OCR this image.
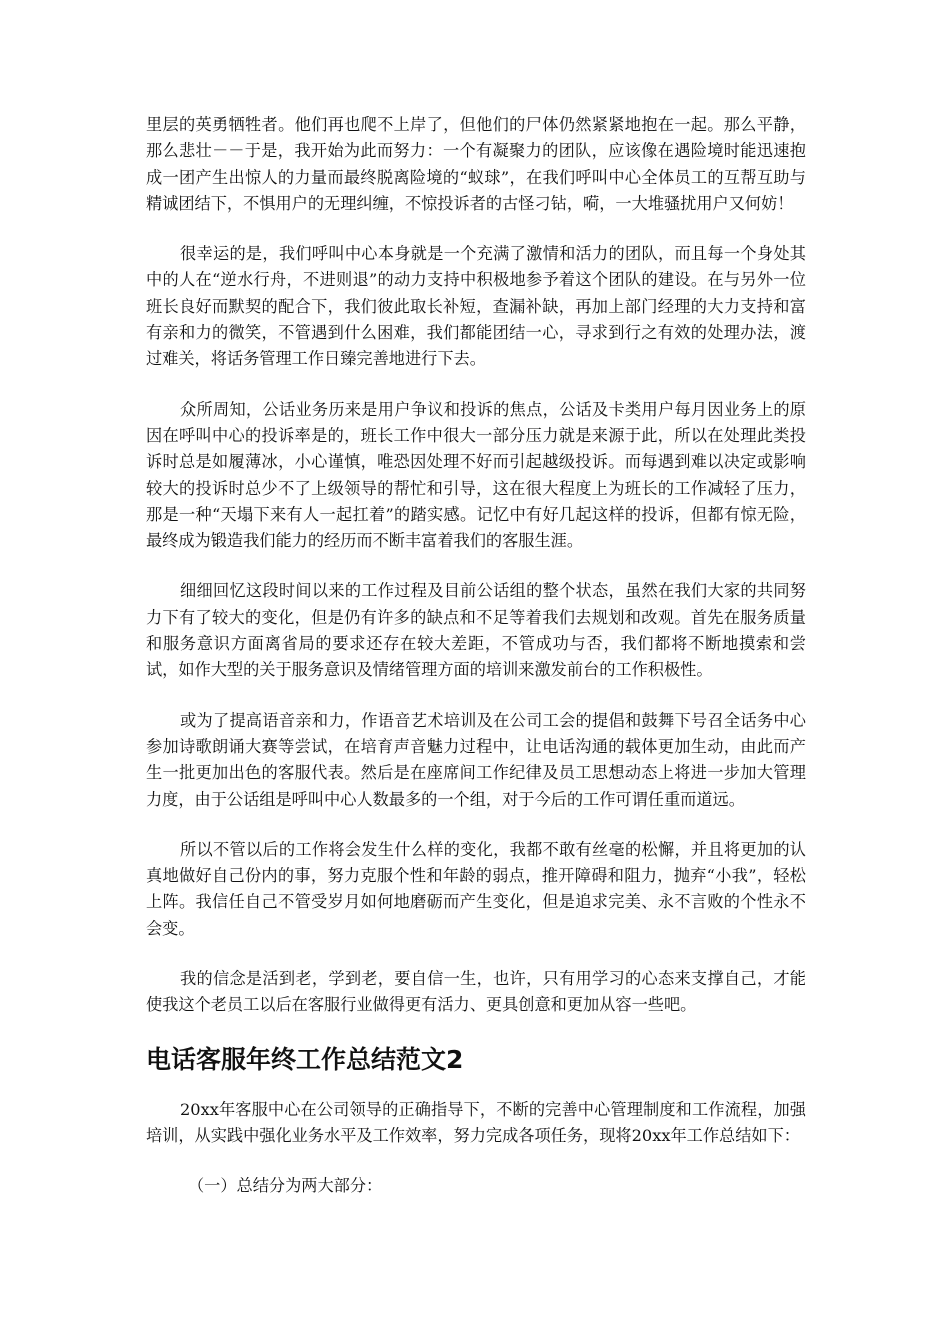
里层的英勇牺牲者。他们再也爬不上岸了，但他们的尸体仍然紧紧地抱在一起。那么平静，那么悲壮－－于是，我开始为此而努力：一个有凝聚力的团队，应该像在遇险境时能迅速抱成一团产生出惊人的力量而最终脱离险境的“蚁球”，在我们呼叫中心全体员工的互帮互助与精诚团结下，不惧用户的无理纠缠，不惊投诉者的古怪刁钻，嗬，一大堆骚扰用户又何妨！

很幸运的是，我们呼叫中心本身就是一个充满了激情和活力的团队，而且每一个身处其中的人在“逆水行舟，不进则退”的动力支持中积极地参予着这个团队的建设。在与另外一位班长良好而默契的配合下，我们彼此取长补短，查漏补缺，再加上部门经理的大力支持和富有亲和力的微笑，不管遇到什么困难，我们都能团结一心，寻求到行之有效的处理办法，渡过难关，将话务管理工作日臻完善地进行下去。

众所周知，公话业务历来是用户争议和投诉的焦点，公话及卡类用户每月因业务上的原因在呼叫中心的投诉率是的，班长工作中很大一部分压力就是来源于此，所以在处理此类投诉时总是如履薄冰，小心谨慎，唯恐因处理不好而引起越级投诉。而每遇到难以决定或影响较大的投诉时总少不了上级领导的帮忙和引导，这在很大程度上为班长的工作减轻了压力，那是一种“天塌下来有人一起扛着”的踏实感。记忆中有好几起这样的投诉，但都有惊无险，最终成为锻造我们能力的经历而不断丰富着我们的客服生涯。

细细回忆这段时间以来的工作过程及目前公话组的整个状态，虽然在我们大家的共同努力下有了较大的变化，但是仍有许多的缺点和不足等着我们去规划和改观。首先在服务质量和服务意识方面离省局的要求还存在较大差距，不管成功与否，我们都将不断地摸索和尝试，如作大型的关于服务意识及情绪管理方面的培训来激发前台的工作积极性。

或为了提高语音亲和力，作语音艺术培训及在公司工会的提倡和鼓舞下号召全话务中心参加诗歌朗诵大赛等尝试，在培育声音魅力过程中，让电话沟通的载体更加生动，由此而产生一批更加出色的客服代表。然后是在座席间工作纪律及员工思想动态上将进一步加大管理力度，由于公话组是呼叫中心人数最多的一个组，对于今后的工作可谓任重而道远。

所以不管以后的工作将会发生什么样的变化，我都不敢有丝毫的松懈，并且将更加的认真地做好自己份内的事，努力克服个性和年龄的弱点，推开障碍和阻力，抛弃“小我”，轻松上阵。我信任自己不管受岁月如何地磨砺而产生变化，但是追求完美、永不言败的个性永不会变。

我的信念是活到老，学到老，要自信一生，也许，只有用学习的心态来支撑自己，才能使我这个老员工以后在客服行业做得更有活力、更具创意和更加从容一些吧。

电话客服年终工作总结范文2

20xx年客服中心在公司领导的正确指导下，不断的完善中心管理制度和工作流程，加强培训，从实践中强化业务水平及工作效率，努力完成各项任务，现将20xx年工作总结如下：

（一）总结分为两大部分：
